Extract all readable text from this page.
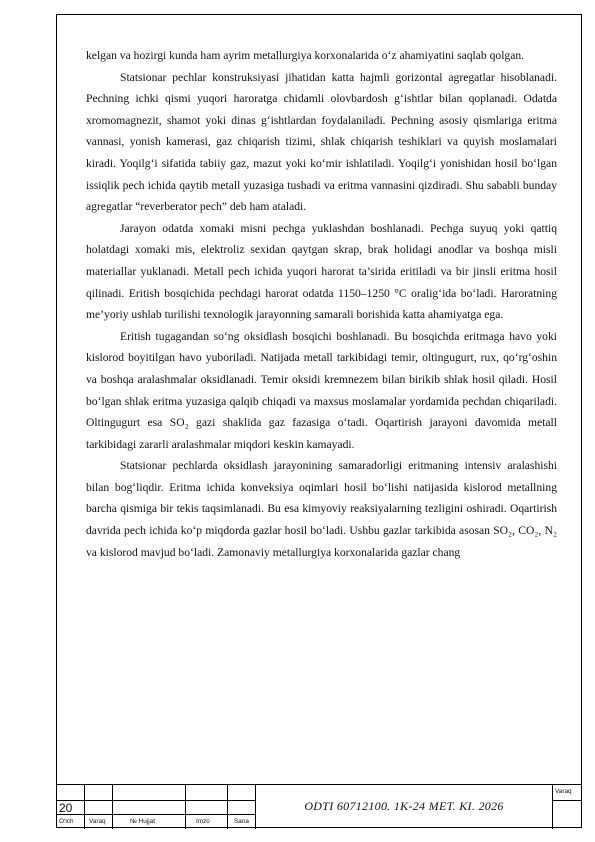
kelgan va hozirgi kunda ham ayrim metallurgiya korxonalarida o‘z ahamiyatini saqlab qolgan.

Statsionar pechlar konstruksiyasi jihatidan katta hajmli gorizontal agregatlar hisoblanadi. Pechning ichki qismi yuqori haroratga chidamli olovbardosh g‘ishtlar bilan qoplanadi. Odatda xromomagnezit, shamot yoki dinas g‘ishtlardan foydalaniladi. Pechning asosiy qismlariga eritma vannasi, yonish kamerasi, gaz chiqarish tizimi, shlak chiqarish teshiklari va quyish moslamalari kiradi. Yoqilg‘i sifatida tabiiy gaz, mazut yoki ko‘mir ishlatiladi. Yoqilg‘i yonishidan hosil bo‘lgan issiqlik pech ichida qaytib metall yuzasiga tushadi va eritma vannasini qizdiradi. Shu sababli bunday agregatlar “reverberator pech” deb ham ataladi.

Jarayon odatda xomaki misni pechga yuklashdan boshlanadi. Pechga suyuq yoki qattiq holatdagi xomaki mis, elektroliz sexidan qaytgan skrap, brak holidagi anodlar va boshqa misli materiallar yuklanadi. Metall pech ichida yuqori harorat ta’sirida eritiladi va bir jinsli eritma hosil qilinadi. Eritish bosqichida pechdagi harorat odatda 1150–1250 °C oralig‘ida bo‘ladi. Haroratning me’yoriy ushlab turilishi texnologik jarayonning samarali borishida katta ahamiyatga ega.

Eritish tugagandan so‘ng oksidlash bosqichi boshlanadi. Bu bosqichda eritmaga havo yoki kislorod boyitilgan havo yuboriladi. Natijada metall tarkibidagi temir, oltingugurt, rux, qo‘rg‘oshin va boshqa aralashmalar oksidlanadi. Temir oksidi kremnezem bilan birikib shlak hosil qiladi. Hosil bo‘lgan shlak eritma yuzasiga qalqib chiqadi va maxsus moslamalar yordamida pechdan chiqariladi. Oltingugurt esa SO₂ gazi shaklida gaz fazasiga o‘tadi. Oqartirish jarayoni davomida metall tarkibidagi zararli aralashmalar miqdori keskin kamayadi.

Statsionar pechlarda oksidlash jarayonining samaradorligi eritmaning intensiv aralashishi bilan bog‘liqdir. Eritma ichida konveksiya oqimlari hosil bo‘lishi natijasida kislorod metallning barcha qismiga bir tekis taqsimlanadi. Bu esa kimyoviy reaksiyalarning tezligini oshiradi. Oqartirish davrida pech ichida ko‘p miqdorda gazlar hosil bo‘ladi. Ushbu gazlar tarkibida asosan SO₂, CO₂, N₂ va kislorod mavjud bo‘ladi. Zamonaviy metallurgiya korxonalarida gazlar chang

20	ODTI 60712100. 1K-24 MET. KI. 2026
Varaq
O‘lch Varaq	№ Hujjat	Imzo	Sana
